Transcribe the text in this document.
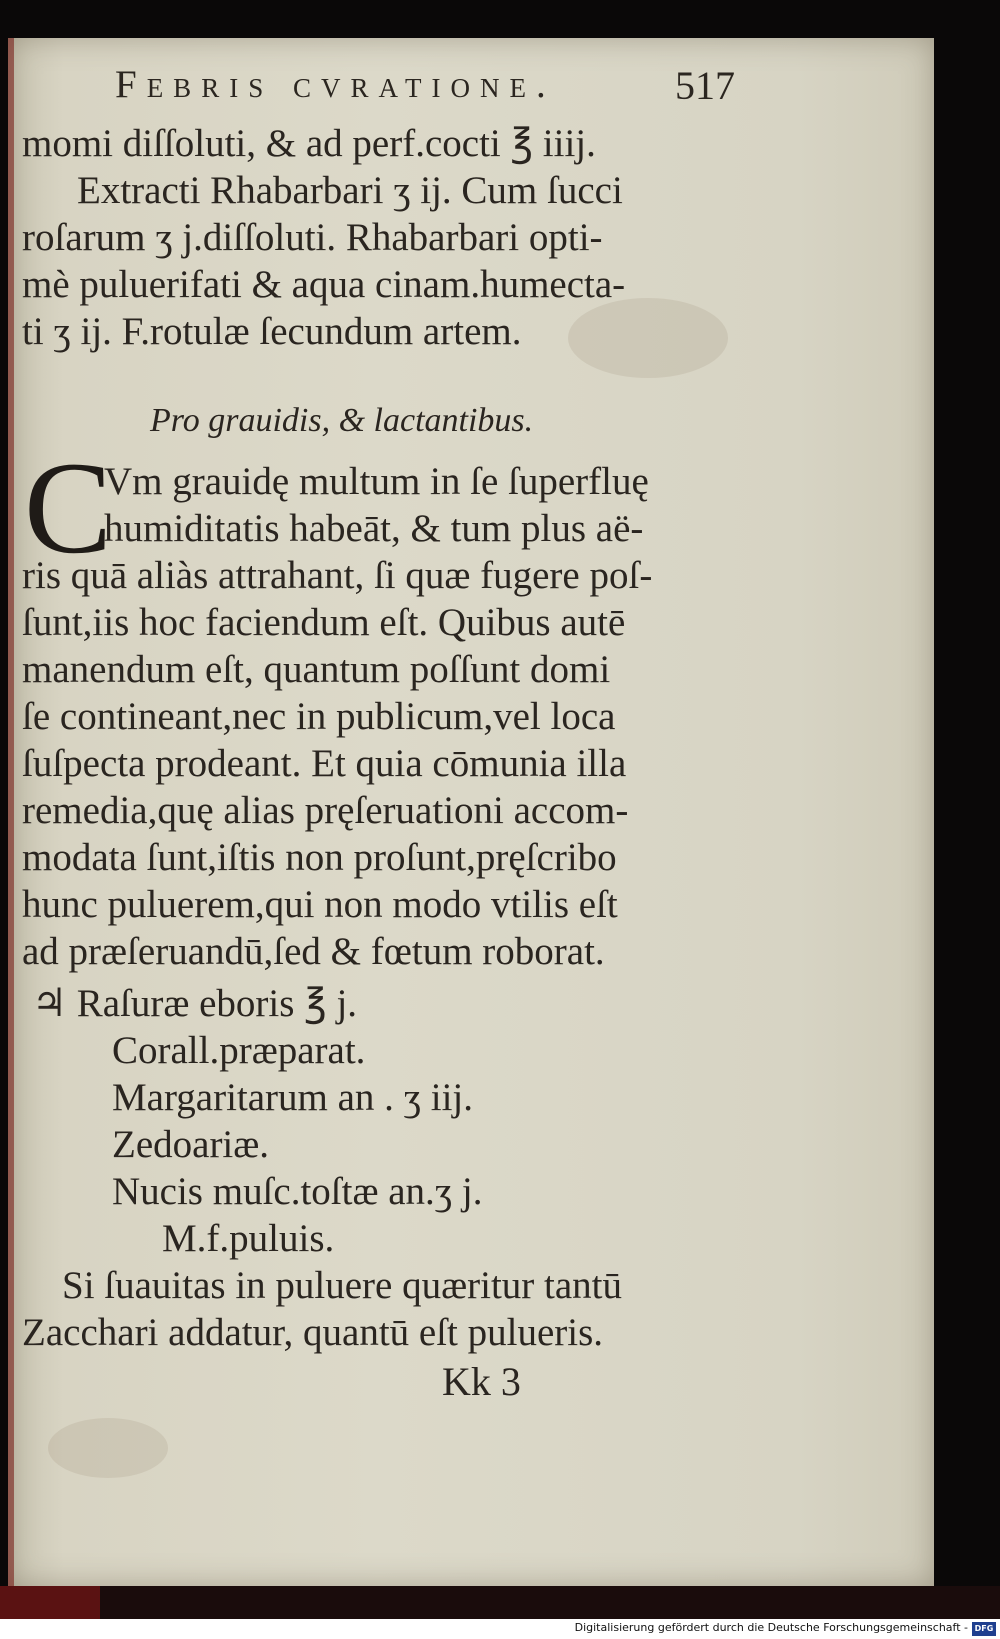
Febris cvratione.	517
momi diſſoluti, & ad perf.cocti ℥ iiij.
Extracti Rhabarbari ʒ ij. Cum ſucci
roſarum ʒ j.diſſoluti. Rhabarbari opti-
mè puluerifati & aqua cinam.humecta-
ti ʒ ij. F.rotulæ ſecundum artem.
Pro grauidis, & lactantibus.
C
Vm grauidę multum in ſe ſuperfluę
humiditatis habeāt, & tum plus aë-
ris quā aliàs attrahant, ſi quæ fugere poſ-
ſunt,iis hoc faciendum eſt. Quibus autē
manendum eſt, quantum poſſunt domi
ſe contineant,nec in publicum,vel loca
ſuſpecta prodeant. Et quia cōmunia illa
remedia,quę alias pręſeruationi accom-
modata ſunt,iſtis non proſunt,pręſcribo
hunc puluerem,qui non modo vtilis eſt
ad præſeruandū,ſed & fœtum roborat.
♃ Raſuræ eboris ℥ j.
Corall.præparat.
Margaritarum an . ʒ iij.
Zedoariæ.
Nucis muſc.toſtæ an.ʒ j.
M.f.puluis.
Si ſuauitas in puluere quæritur tantū
Zacchari addatur, quantū eſt pulueris.
Kk 3
Digitalisierung gefördert durch die Deutsche Forschungsgemeinschaft - DFG
